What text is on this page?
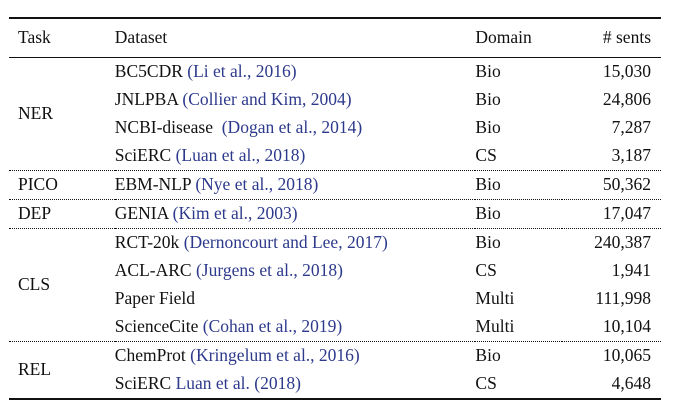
Task	Dataset	Domain	# sents
NER	BC5CDR (Li et al., 2016)	Bio	15,030
	JNLPBA (Collier and Kim, 2004)	Bio	24,806
	NCBI-disease (Dogan et al., 2014)	Bio	7,287
	SciERC (Luan et al., 2018)	CS	3,187
PICO	EBM-NLP (Nye et al., 2018)	Bio	50,362
DEP	GENIA (Kim et al., 2003)	Bio	17,047
CLS	RCT-20k (Dernoncourt and Lee, 2017)	Bio	240,387
	ACL-ARC (Jurgens et al., 2018)	CS	1,941
	Paper Field	Multi	111,998
	ScienceCite (Cohan et al., 2019)	Multi	10,104
REL	ChemProt (Kringelum et al., 2016)	Bio	10,065
	SciERC Luan et al. (2018)	CS	4,648
